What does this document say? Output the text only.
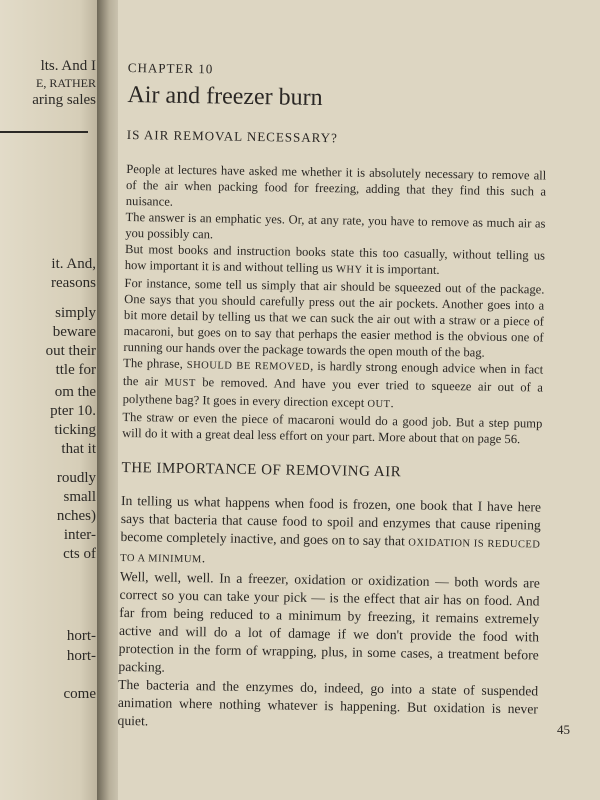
lts. And I
E, RATHER
aring sales
it. And,
reasons
simply
beware
out their
ttle for
om the
pter 10.
ticking
that it
roudly
small
nches)
inter-
cts of
hort-
hort-
come
CHAPTER 10
Air and freezer burn
IS AIR REMOVAL NECESSARY?

People at lectures have asked me whether it is absolutely necessary to remove all of the air when packing food for freezing, adding that they find this such a nuisance.

The answer is an emphatic yes. Or, at any rate, you have to remove as much air as you possibly can.

But most books and instruction books state this too casually, without telling us how important it is and without telling us WHY it is important.

For instance, some tell us simply that air should be squeezed out of the package. One says that you should carefully press out the air pockets. Another goes into a bit more detail by telling us that we can suck the air out with a straw or a piece of macaroni, but goes on to say that perhaps the easier method is the obvious one of running our hands over the package towards the open mouth of the bag.

The phrase, SHOULD BE REMOVED, is hardly strong enough advice when in fact the air MUST be removed. And have you ever tried to squeeze air out of a polythene bag? It goes in every direction except OUT.

The straw or even the piece of macaroni would do a good job. But a step pump will do it with a great deal less effort on your part. More about that on page 56.

THE IMPORTANCE OF REMOVING AIR

In telling us what happens when food is frozen, one book that I have here says that bacteria that cause food to spoil and enzymes that cause ripening become completely inactive, and goes on to say that OXIDATION IS REDUCED TO A MINIMUM.

Well, well, well. In a freezer, oxidation or oxidization — both words are correct so you can take your pick — is the effect that air has on food. And far from being reduced to a minimum by freezing, it remains extremely active and will do a lot of damage if we don't provide the food with protection in the form of wrapping, plus, in some cases, a treatment before packing.

The bacteria and the enzymes do, indeed, go into a state of suspended animation where nothing whatever is happening. But oxidation is never quiet.

45
